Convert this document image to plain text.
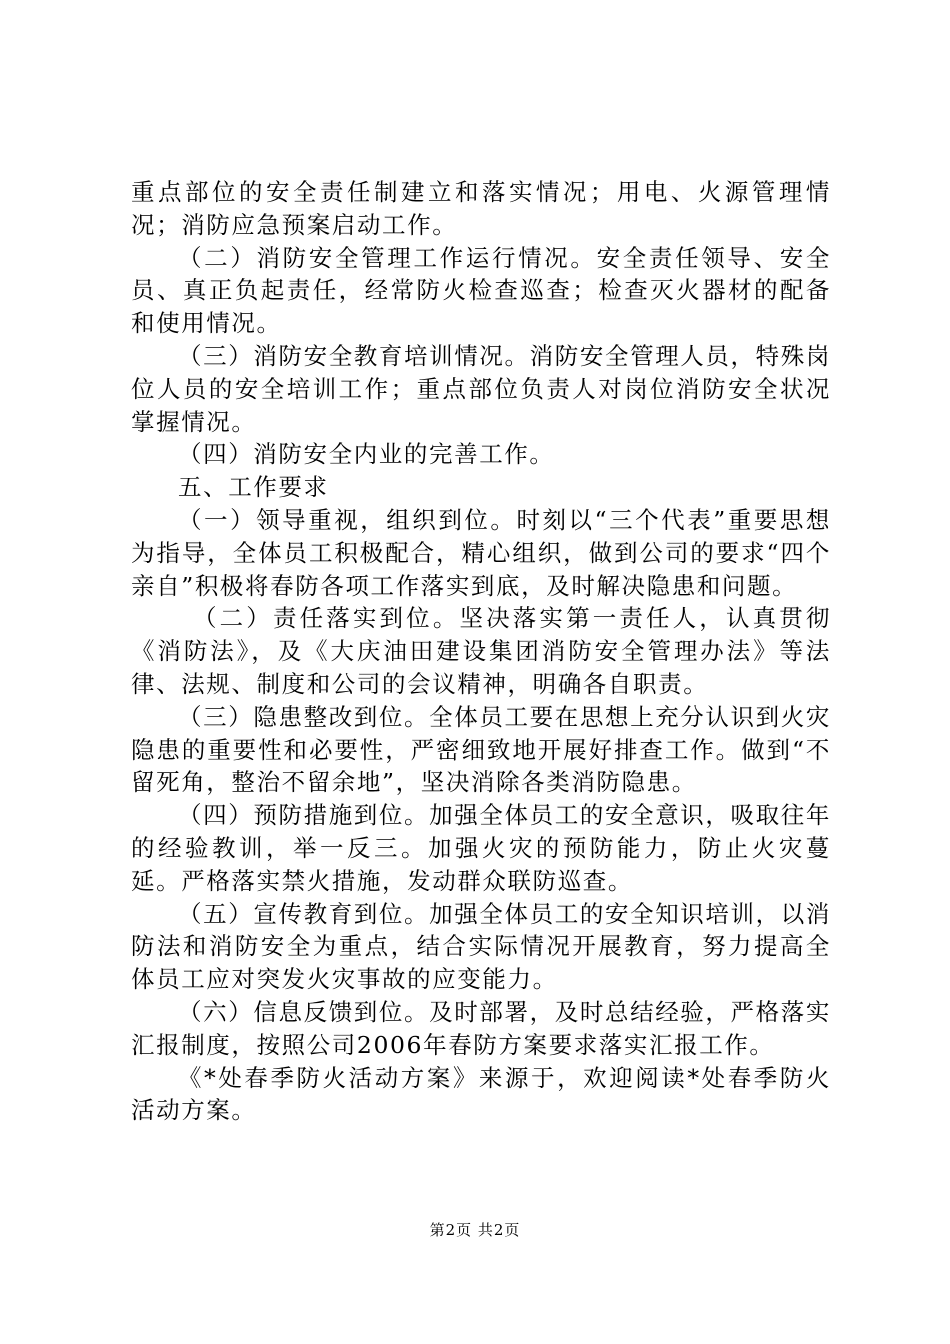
重点部位的安全责任制建立和落实情况；用电、火源管理情况；消防应急预案启动工作。

（二）消防安全管理工作运行情况。安全责任领导、安全员、真正负起责任，经常防火检查巡查；检查灭火器材的配备和使用情况。

（三）消防安全教育培训情况。消防安全管理人员，特殊岗位人员的安全培训工作；重点部位负责人对岗位消防安全状况掌握情况。

（四）消防安全内业的完善工作。

五、工作要求

（一）领导重视，组织到位。时刻以“三个代表”重要思想为指导，全体员工积极配合，精心组织，做到公司的要求“四个亲自”积极将春防各项工作落实到底，及时解决隐患和问题。

（二）责任落实到位。坚决落实第一责任人，认真贯彻《消防法》，及《大庆油田建设集团消防安全管理办法》等法律、法规、制度和公司的会议精神，明确各自职责。

（三）隐患整改到位。全体员工要在思想上充分认识到火灾隐患的重要性和必要性，严密细致地开展好排查工作。做到“不留死角，整治不留余地”，坚决消除各类消防隐患。

（四）预防措施到位。加强全体员工的安全意识，吸取往年的经验教训，举一反三。加强火灾的预防能力，防止火灾蔓延。严格落实禁火措施，发动群众联防巡查。

（五）宣传教育到位。加强全体员工的安全知识培训，以消防法和消防安全为重点，结合实际情况开展教育，努力提高全体员工应对突发火灾事故的应变能力。

（六）信息反馈到位。及时部署，及时总结经验，严格落实汇报制度，按照公司2006年春防方案要求落实汇报工作。

《*处春季防火活动方案》来源于，欢迎阅读*处春季防火活动方案。

第2页 共2页
